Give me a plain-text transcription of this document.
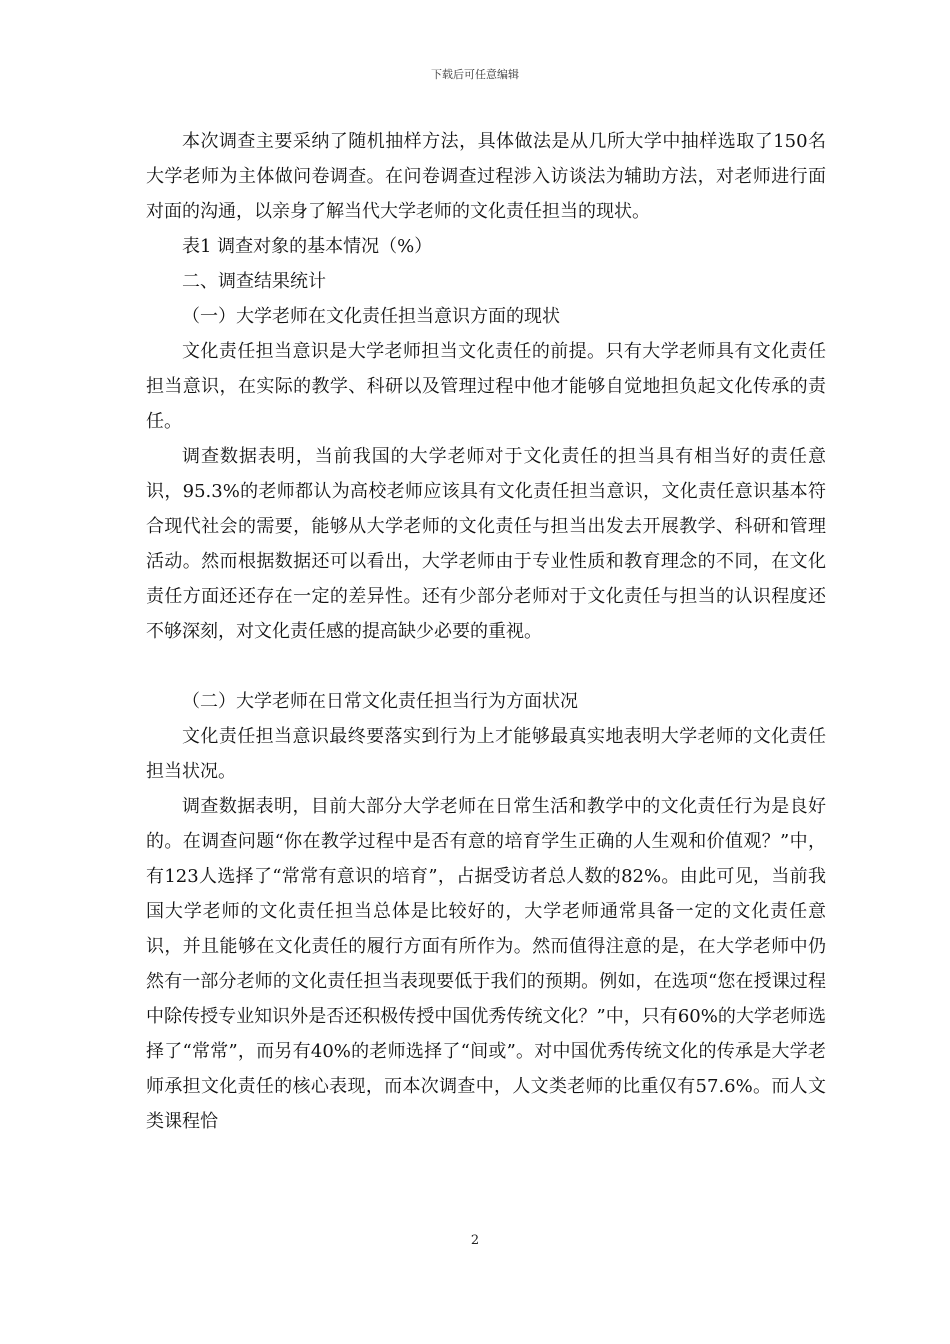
下载后可任意编辑

本次调查主要采纳了随机抽样方法，具体做法是从几所大学中抽样选取了150名大学老师为主体做问卷调查。在问卷调查过程涉入访谈法为辅助方法，对老师进行面对面的沟通，以亲身了解当代大学老师的文化责任担当的现状。

表1 调查对象的基本情况（%）

二、调查结果统计

（一）大学老师在文化责任担当意识方面的现状

文化责任担当意识是大学老师担当文化责任的前提。只有大学老师具有文化责任担当意识，在实际的教学、科研以及管理过程中他才能够自觉地担负起文化传承的责任。

调查数据表明，当前我国的大学老师对于文化责任的担当具有相当好的责任意识，95.3%的老师都认为高校老师应该具有文化责任担当意识，文化责任意识基本符合现代社会的需要，能够从大学老师的文化责任与担当出发去开展教学、科研和管理活动。然而根据数据还可以看出，大学老师由于专业性质和教育理念的不同，在文化责任方面还还存在一定的差异性。还有少部分老师对于文化责任与担当的认识程度还不够深刻，对文化责任感的提高缺少必要的重视。

（二）大学老师在日常文化责任担当行为方面状况

文化责任担当意识最终要落实到行为上才能够最真实地表明大学老师的文化责任担当状况。

调查数据表明，目前大部分大学老师在日常生活和教学中的文化责任行为是良好的。在调查问题“你在教学过程中是否有意的培育学生正确的人生观和价值观？”中，有123人选择了“常常有意识的培育”，占据受访者总人数的82%。由此可见，当前我国大学老师的文化责任担当总体是比较好的，大学老师通常具备一定的文化责任意识，并且能够在文化责任的履行方面有所作为。然而值得注意的是，在大学老师中仍然有一部分老师的文化责任担当表现要低于我们的预期。例如，在选项“您在授课过程中除传授专业知识外是否还积极传授中国优秀传统文化？”中，只有60%的大学老师选择了“常常”，而另有40%的老师选择了“间或”。对中国优秀传统文化的传承是大学老师承担文化责任的核心表现，而本次调查中，人文类老师的比重仅有57.6%。而人文类课程恰

2
